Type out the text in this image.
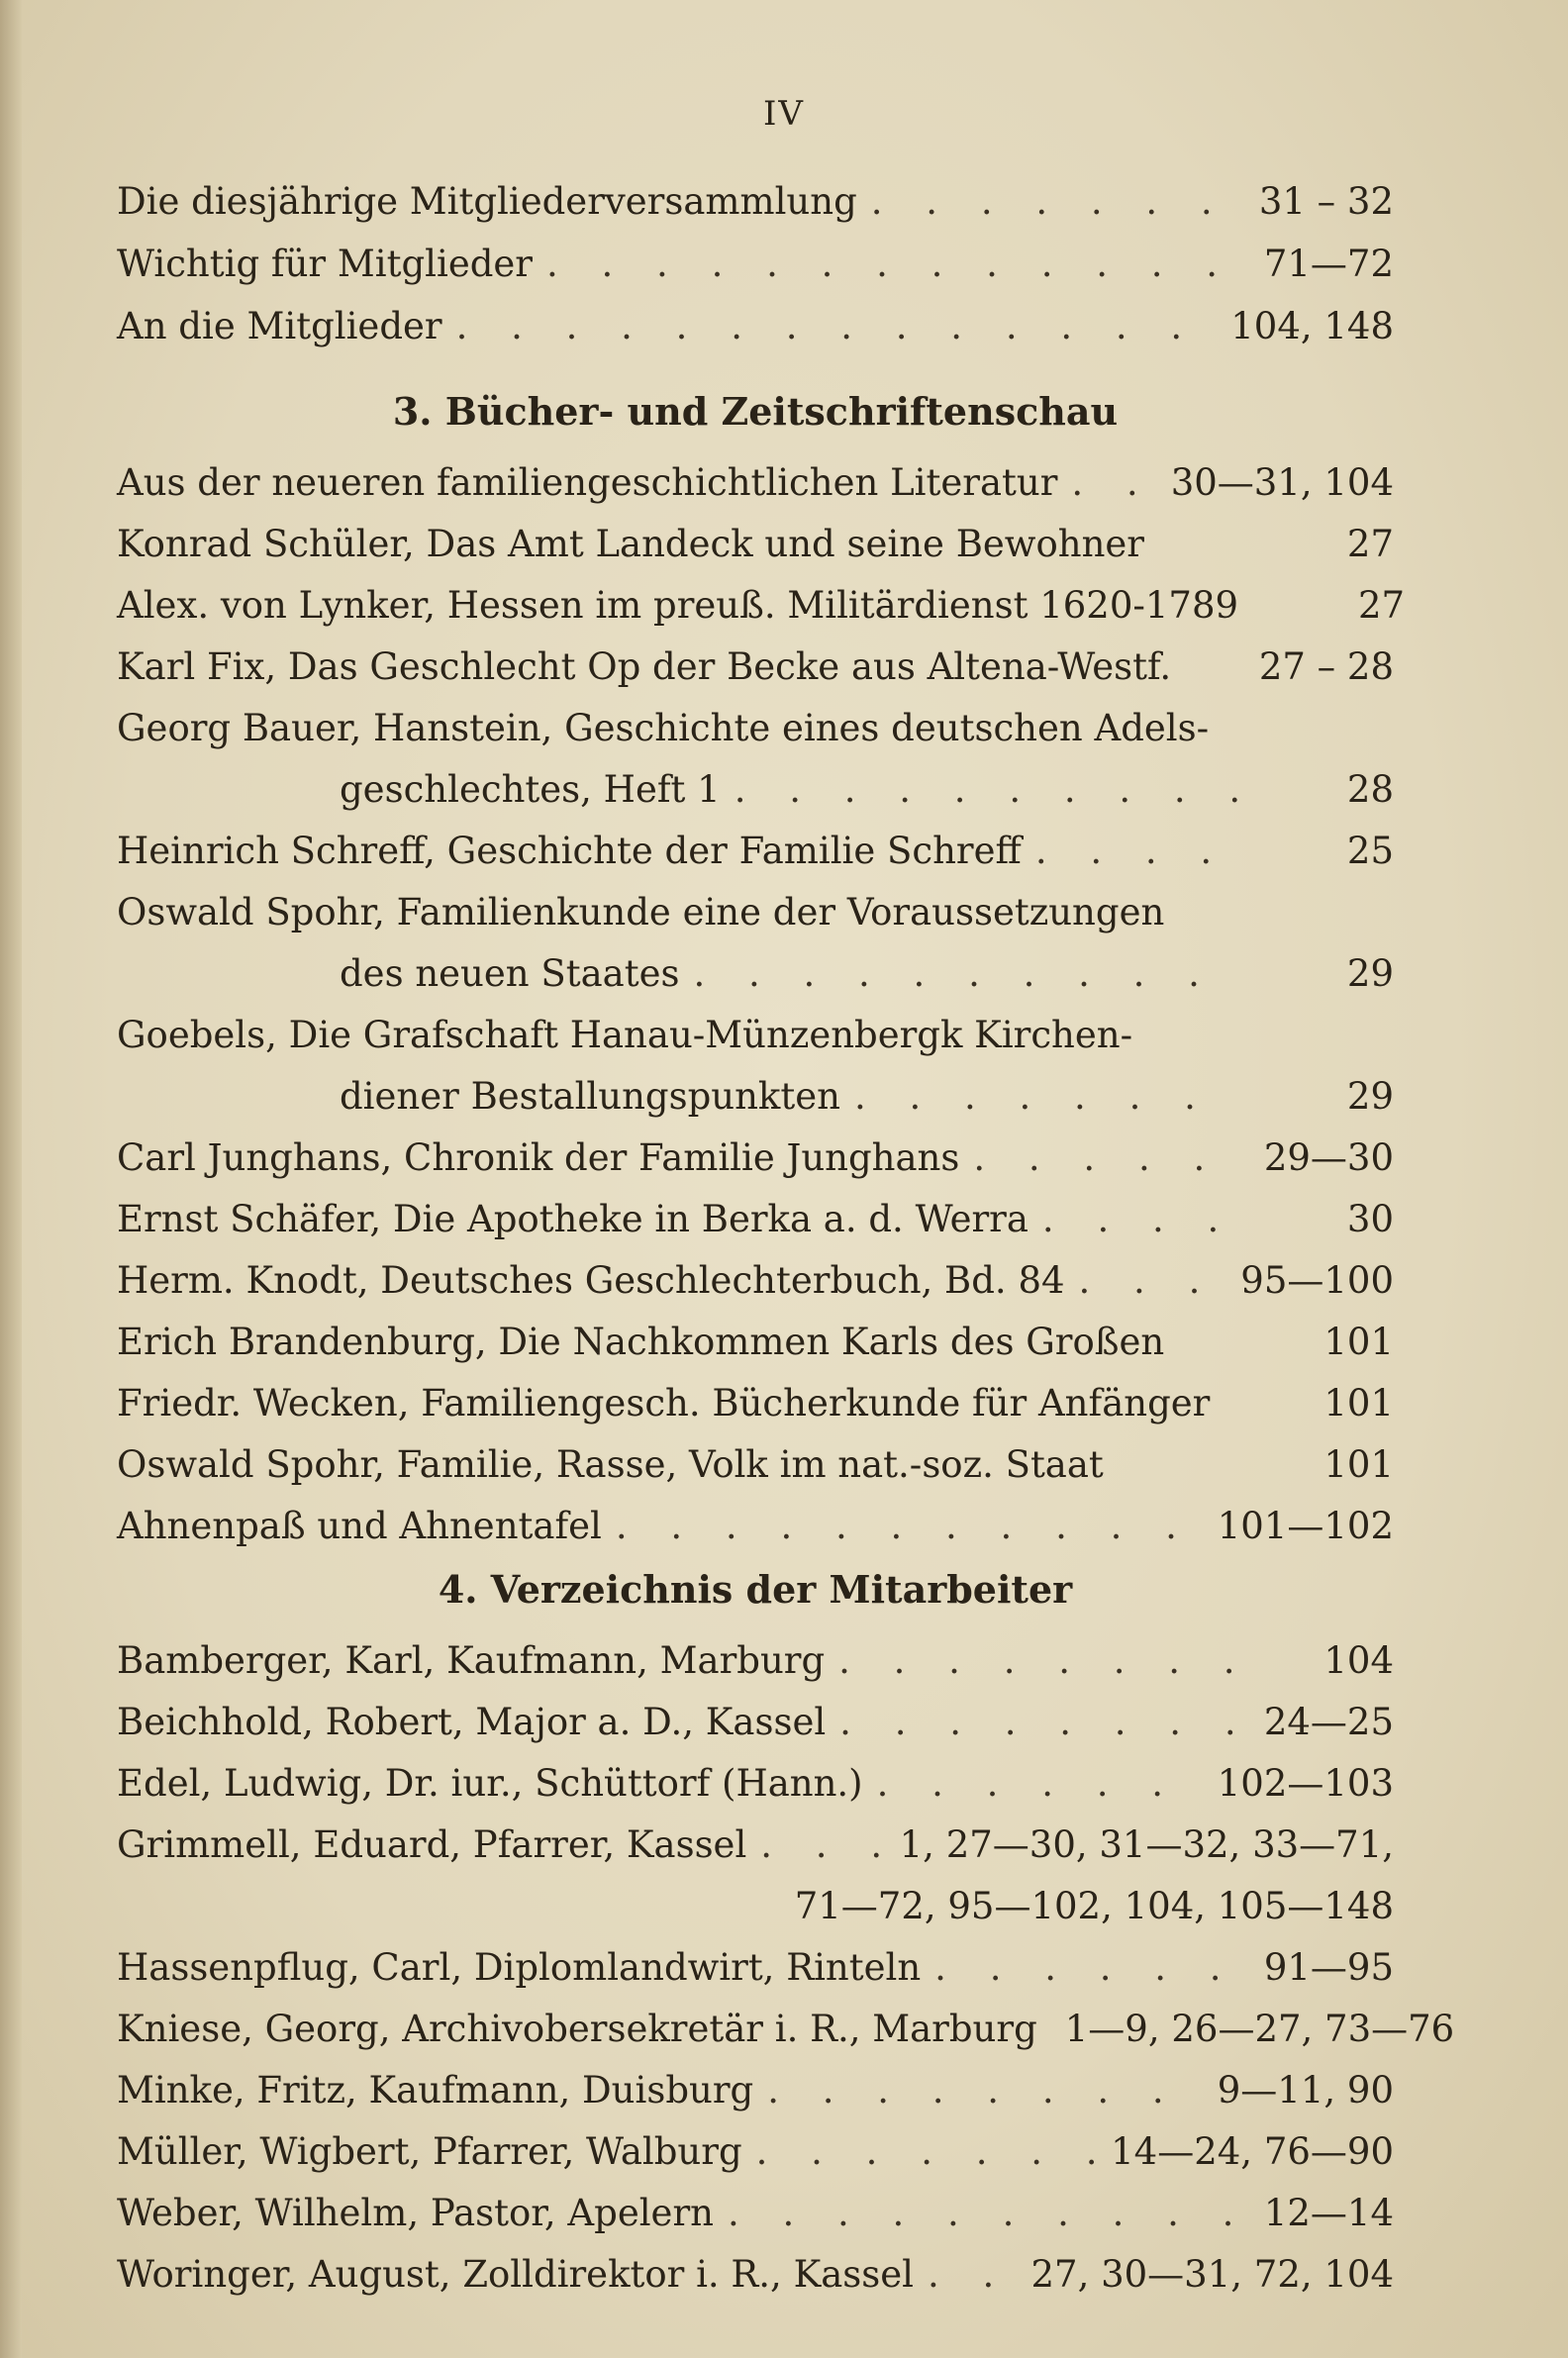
IV
Die diesjährige Mitgliederversammlung . . .	31 – 32
Wichtig für Mitglieder . . .	71—72
An die Mitglieder . . .	104, 148
3. Bücher- und Zeitschriftenschau
Aus der neueren familiengeschichtlichen Literatur . . .	30—31, 104
Konrad Schüler, Das Amt Landeck und seine Bewohner	27
Alex. von Lynker, Hessen im preuß. Militärdienst 1620-1789	27
Karl Fix, Das Geschlecht Op der Becke aus Altena-Westf. 27 – 28
Georg Bauer, Hanstein, Geschichte eines deutschen Adels-
geschlechtes, Heft 1 . . .	28
Heinrich Schreff, Geschichte der Familie Schreff . . .	25
Oswald Spohr, Familienkunde eine der Voraussetzungen
des neuen Staates . . .	29
Goebels, Die Grafschaft Hanau-Münzenbergk Kirchen-
diener Bestallungspunkten . . .	29
Carl Junghans, Chronik der Familie Junghans . . .	29—30
Ernst Schäfer, Die Apotheke in Berka a. d. Werra . . .	30
Herm. Knodt, Deutsches Geschlechterbuch, Bd. 84 . . .	95—100
Erich Brandenburg, Die Nachkommen Karls des Großen	101
Friedr. Wecken, Familiengesch. Bücherkunde für Anfänger	101
Oswald Spohr, Familie, Rasse, Volk im nat.-soz. Staat	101
Ahnenpaß und Ahnentafel . . .	101—102
4. Verzeichnis der Mitarbeiter
Bamberger, Karl, Kaufmann, Marburg . . .	104
Beichhold, Robert, Major a. D., Kassel . . .	24—25
Edel, Ludwig, Dr. iur., Schüttorf (Hann.) . . .	102—103
Grimmell, Eduard, Pfarrer, Kassel . . .	1, 27—30, 31—32, 33—71,
71—72, 95—102, 104, 105—148
Hassenpflug, Carl, Diplomlandwirt, Rinteln . . .	91—95
Kniese, Georg, Archivobersekretär i. R., Marburg 1—9, 26—27, 73—76
Minke, Fritz, Kaufmann, Duisburg . . .	9—11, 90
Müller, Wigbert, Pfarrer, Walburg . . .	14—24, 76—90
Weber, Wilhelm, Pastor, Apelern . . .	12—14
Woringer, August, Zolldirektor i. R., Kassel . . .	27, 30—31, 72, 104
